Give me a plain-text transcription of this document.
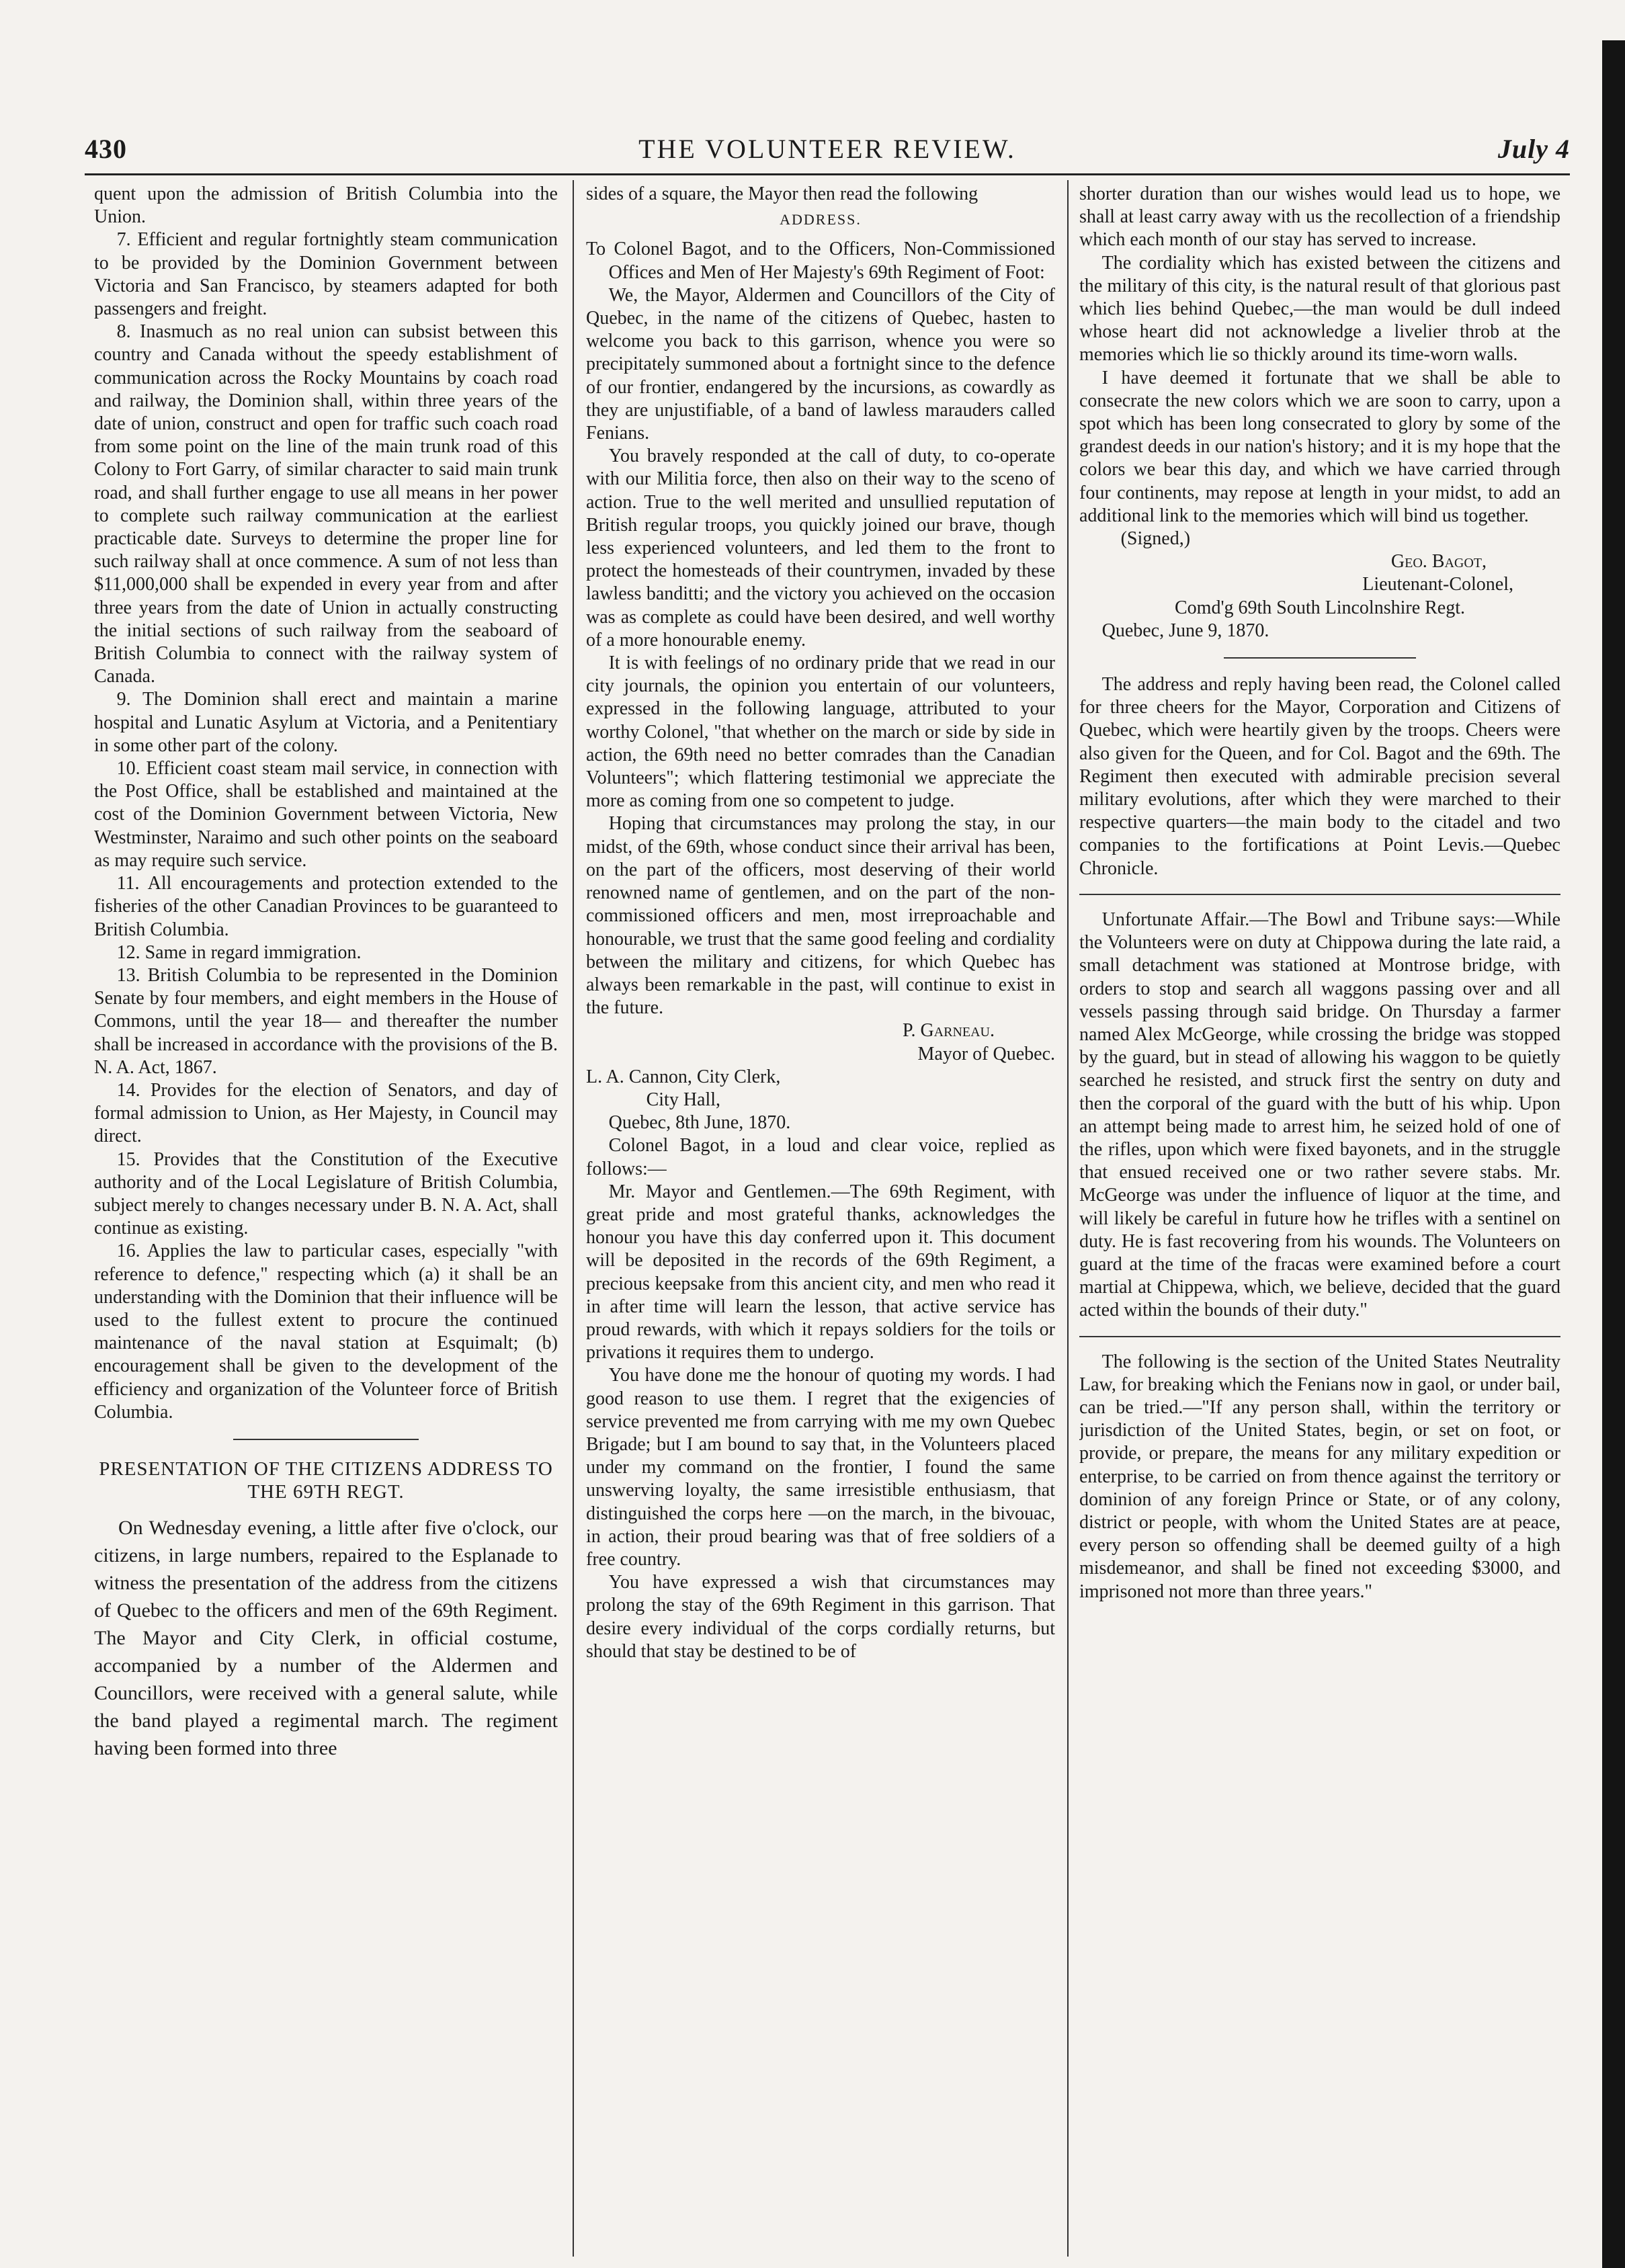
430	THE VOLUNTEER REVIEW.	July 4

quent upon the admission of British Columbia into the Union.

7. Efficient and regular fortnightly steam communication to be provided by the Dominion Government between Victoria and San Francisco, by steamers adapted for both passengers and freight.

8. Inasmuch as no real union can subsist between this country and Canada without the speedy establishment of communication across the Rocky Mountains by coach road and railway, the Dominion shall, within three years of the date of union, construct and open for traffic such coach road from some point on the line of the main trunk road of this Colony to Fort Garry, of similar character to said main trunk road, and shall further engage to use all means in her power to complete such railway communication at the earliest practicable date. Surveys to determine the proper line for such railway shall at once commence. A sum of not less than $11,000,000 shall be expended in every year from and after three years from the date of Union in actually constructing the initial sections of such railway from the seaboard of British Columbia to connect with the railway system of Canada.

9. The Dominion shall erect and maintain a marine hospital and Lunatic Asylum at Victoria, and a Penitentiary in some other part of the colony.

10. Efficient coast steam mail service, in connection with the Post Office, shall be established and maintained at the cost of the Dominion Government between Victoria, New Westminster, Naraimo and such other points on the seaboard as may require such service.

11. All encouragements and protection extended to the fisheries of the other Canadian Provinces to be guaranteed to British Columbia.

12. Same in regard immigration.

13. British Columbia to be represented in the Dominion Senate by four members, and eight members in the House of Commons, until the year 18— and thereafter the number shall be increased in accordance with the provisions of the B. N. A. Act, 1867.

14. Provides for the election of Senators, and day of formal admission to Union, as Her Majesty, in Council may direct.

15. Provides that the Constitution of the Executive authority and of the Local Legislature of British Columbia, subject merely to changes necessary under B. N. A. Act, shall continue as existing.

16. Applies the law to particular cases, especially "with reference to defence," respecting which (a) it shall be an understanding with the Dominion that their influence will be used to the fullest extent to procure the continued maintenance of the naval station at Esquimalt; (b) encouragement shall be given to the development of the efficiency and organization of the Volunteer force of British Columbia.

PRESENTATION OF THE CITIZENS ADDRESS TO THE 69TH REGT.

On Wednesday evening, a little after five o'clock, our citizens, in large numbers, repaired to the Esplanade to witness the presentation of the address from the citizens of Quebec to the officers and men of the 69th Regiment. The Mayor and City Clerk, in official costume, accompanied by a number of the Aldermen and Councillors, were received with a general salute, while the band played a regimental march. The regiment having been formed into three

sides of a square, the Mayor then read the following

ADDRESS.

To Colonel Bagot, and to the Officers, Non-Commissioned Offices and Men of Her Majesty's 69th Regiment of Foot:

We, the Mayor, Aldermen and Councillors of the City of Quebec, in the name of the citizens of Quebec, hasten to welcome you back to this garrison, whence you were so precipitately summoned about a fortnight since to the defence of our frontier, endangered by the incursions, as cowardly as they are unjustifiable, of a band of lawless marauders called Fenians.

You bravely responded at the call of duty, to co-operate with our Militia force, then also on their way to the sceno of action. True to the well merited and unsullied reputation of British regular troops, you quickly joined our brave, though less experienced volunteers, and led them to the front to protect the homesteads of their countrymen, invaded by these lawless banditti; and the victory you achieved on the occasion was as complete as could have been desired, and well worthy of a more honourable enemy.

It is with feelings of no ordinary pride that we read in our city journals, the opinion you entertain of our volunteers, expressed in the following language, attributed to your worthy Colonel, "that whether on the march or side by side in action, the 69th need no better comrades than the Canadian Volunteers"; which flattering testimonial we appreciate the more as coming from one so competent to judge.

Hoping that circumstances may prolong the stay, in our midst, of the 69th, whose conduct since their arrival has been, on the part of the officers, most deserving of their world renowned name of gentlemen, and on the part of the non-commissioned officers and men, most irreproachable and honourable, we trust that the same good feeling and cordiality between the military and citizens, for which Quebec has always been remarkable in the past, will continue to exist in the future.

P. Garneau.

Mayor of Quebec.

L. A. Cannon, City Clerk,

City Hall,

Quebec, 8th June, 1870.

Colonel Bagot, in a loud and clear voice, replied as follows:—

Mr. Mayor and Gentlemen.—The 69th Regiment, with great pride and most grateful thanks, acknowledges the honour you have this day conferred upon it. This document will be deposited in the records of the 69th Regiment, a precious keepsake from this ancient city, and men who read it in after time will learn the lesson, that active service has proud rewards, with which it repays soldiers for the toils or privations it requires them to undergo.

You have done me the honour of quoting my words. I had good reason to use them. I regret that the exigencies of service prevented me from carrying with me my own Quebec Brigade; but I am bound to say that, in the Volunteers placed under my command on the frontier, I found the same unswerving loyalty, the same irresistible enthusiasm, that distinguished the corps here —on the march, in the bivouac, in action, their proud bearing was that of free soldiers of a free country.

You have expressed a wish that circumstances may prolong the stay of the 69th Regiment in this garrison. That desire every individual of the corps cordially returns, but should that stay be destined to be of

shorter duration than our wishes would lead us to hope, we shall at least carry away with us the recollection of a friendship which each month of our stay has served to increase.

The cordiality which has existed between the citizens and the military of this city, is the natural result of that glorious past which lies behind Quebec,—the man would be dull indeed whose heart did not acknowledge a livelier throb at the memories which lie so thickly around its time-worn walls.

I have deemed it fortunate that we shall be able to consecrate the new colors which we are soon to carry, upon a spot which has been long consecrated to glory by some of the grandest deeds in our nation's history; and it is my hope that the colors we bear this day, and which we have carried through four continents, may repose at length in your midst, to add an additional link to the memories which will bind us together.

(Signed,)

Geo. Bagot,

Lieutenant-Colonel,

Comd'g 69th South Lincolnshire Regt.

Quebec, June 9, 1870.

The address and reply having been read, the Colonel called for three cheers for the Mayor, Corporation and Citizens of Quebec, which were heartily given by the troops. Cheers were also given for the Queen, and for Col. Bagot and the 69th. The Regiment then executed with admirable precision several military evolutions, after which they were marched to their respective quarters—the main body to the citadel and two companies to the fortifications at Point Levis.—Quebec Chronicle.

Unfortunate Affair.—The Bowl and Tribune says:—While the Volunteers were on duty at Chippowa during the late raid, a small detachment was stationed at Montrose bridge, with orders to stop and search all waggons passing over and all vessels passing through said bridge. On Thursday a farmer named Alex McGeorge, while crossing the bridge was stopped by the guard, but in stead of allowing his waggon to be quietly searched he resisted, and struck first the sentry on duty and then the corporal of the guard with the butt of his whip. Upon an attempt being made to arrest him, he seized hold of one of the rifles, upon which were fixed bayonets, and in the struggle that ensued received one or two rather severe stabs. Mr. McGeorge was under the influence of liquor at the time, and will likely be careful in future how he trifles with a sentinel on duty. He is fast recovering from his wounds. The Volunteers on guard at the time of the fracas were examined before a court martial at Chippewa, which, we believe, decided that the guard acted within the bounds of their duty."

The following is the section of the United States Neutrality Law, for breaking which the Fenians now in gaol, or under bail, can be tried.—"If any person shall, within the territory or jurisdiction of the United States, begin, or set on foot, or provide, or prepare, the means for any military expedition or enterprise, to be carried on from thence against the territory or dominion of any foreign Prince or State, or of any colony, district or people, with whom the United States are at peace, every person so offending shall be deemed guilty of a high misdemeanor, and shall be fined not exceeding $3000, and imprisoned not more than three years."
